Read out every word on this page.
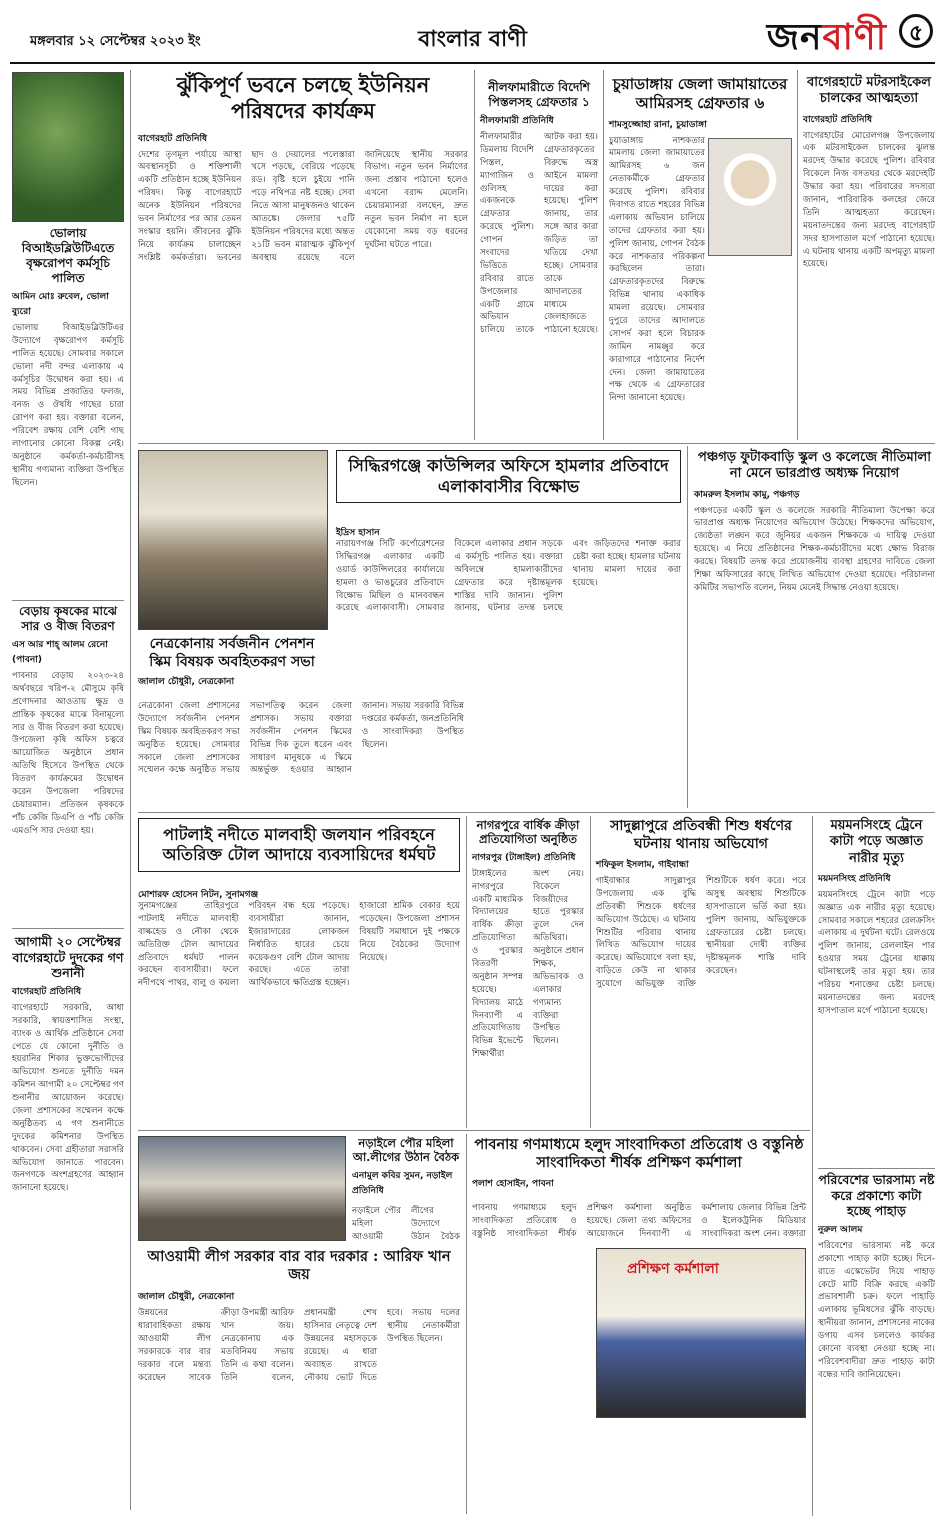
মঙ্গলবার ১২ সেপ্টেম্বর ২০২৩ ইং	বাংলার বাণী	জনবাণী ৫
ভোলায় বিআইডব্লিউটিএতে বৃক্ষরোপণ কর্মসূচি পালিত
আমিন মোঃ রুবেল, ভোলা ব্যুরো
ভোলায় বিআইডব্লিউটিএর উদ্যোগে বৃক্ষরোপণ কর্মসূচি পালিত হয়েছে। সোমবার সকালে ভোলা নদী বন্দর এলাকায় এ কর্মসূচির উদ্বোধন করা হয়। এ সময় বিভিন্ন প্রজাতির ফলজ, বনজ ও ঔষধি গাছের চারা রোপণ করা হয়। বক্তারা বলেন, পরিবেশ রক্ষায় বেশি বেশি গাছ লাগানোর কোনো বিকল্প নেই। অনুষ্ঠানে কর্মকর্তা-কর্মচারীসহ স্থানীয় গণ্যমান্য ব্যক্তিরা উপস্থিত ছিলেন।
বেড়ায় কৃষকের মাঝে সার ও বীজ বিতরণ
এস আর শাহ্ আলম রেনো (পাবনা)
পাবনার বেড়ায় ২০২৩-২৪ অর্থবছরে খরিপ-২ মৌসুমে কৃষি প্রণোদনার আওতায় ক্ষুদ্র ও প্রান্তিক কৃষকের মাঝে বিনামূল্যে সার ও বীজ বিতরণ করা হয়েছে। উপজেলা কৃষি অফিস চত্বরে আয়োজিত অনুষ্ঠানে প্রধান অতিথি হিসেবে উপস্থিত থেকে বিতরণ কার্যক্রমের উদ্বোধন করেন উপজেলা পরিষদের চেয়ারম্যান। প্রতিজন কৃষককে পাঁচ কেজি ডিএপি ও পাঁচ কেজি এমওপি সার দেওয়া হয়।
আগামী ২০ সেপ্টেম্বর বাগেরহাটে দুদকের গণ শুনানী
বাগেরহাট প্রতিনিধি
বাগেরহাটে সরকারি, আধা সরকারি, স্বায়ত্তশাসিত সংস্থা, ব্যাংক ও আর্থিক প্রতিষ্ঠানে সেবা পেতে যে কোনো দুর্নীতি ও হয়রানির শিকার ভুক্তভোগীদের অভিযোগ শুনতে দুর্নীতি দমন কমিশন আগামী ২০ সেপ্টেম্বর গণ শুনানীর আয়োজন করেছে। জেলা প্রশাসকের সম্মেলন কক্ষে অনুষ্ঠিতব্য এ গণ শুনানীতে দুদকের কমিশনার উপস্থিত থাকবেন। সেবা গ্রহীতারা সরাসরি অভিযোগ জানাতে পারবেন। জনগণকে অংশগ্রহণের আহ্বান জানানো হয়েছে।
ঝুঁকিপূর্ণ ভবনে চলছে ইউনিয়ন পরিষদের কার্যক্রম
বাগেরহাট প্রতিনিধি
দেশের তৃণমূল পর্যায়ে আস্থা অবস্থানসূচী ও শক্তিশালী একটি প্রতিষ্ঠান হচ্ছে ইউনিয়ন পরিষদ। কিন্তু বাগেরহাটে অনেক ইউনিয়ন পরিষদের ভবন নির্মাণের পর আর তেমন সংস্কার হয়নি। জীবনের ঝুঁকি নিয়ে কার্যক্রম চালাচ্ছেন সংশ্লিষ্ট কর্মকর্তারা। ভবনের ছাদ ও দেয়ালের পলেস্তারা খসে পড়ছে, বেরিয়ে পড়েছে রড। বৃষ্টি হলে চুইয়ে পানি পড়ে নথিপত্র নষ্ট হচ্ছে। সেবা নিতে আসা মানুষজনও থাকেন আতঙ্কে। জেলার ৭৫টি ইউনিয়ন পরিষদের মধ্যে অন্তত ২১টি ভবন মারাত্মক ঝুঁকিপূর্ণ অবস্থায় রয়েছে বলে জানিয়েছে স্থানীয় সরকার বিভাগ। নতুন ভবন নির্মাণের জন্য প্রস্তাব পাঠানো হলেও এখনো বরাদ্দ মেলেনি। চেয়ারম্যানরা বলছেন, দ্রুত নতুন ভবন নির্মাণ না হলে যেকোনো সময় বড় ধরনের দুর্ঘটনা ঘটতে পারে।
নীলফামারীতে বিদেশি পিস্তলসহ গ্রেফতার ১
নীলফামারী প্রতিনিধি
নীলফামারীর ডিমলায় বিদেশি পিস্তল, ম্যাগাজিন ও গুলিসহ একজনকে গ্রেফতার করেছে পুলিশ। গোপন সংবাদের ভিত্তিতে রবিবার রাতে উপজেলার একটি গ্রামে অভিযান চালিয়ে তাকে আটক করা হয়। গ্রেফতারকৃতের বিরুদ্ধে অস্ত্র আইনে মামলা দায়ের করা হয়েছে। পুলিশ জানায়, তার সঙ্গে আর কারা জড়িত তা খতিয়ে দেখা হচ্ছে। সোমবার তাকে আদালতের মাধ্যমে জেলহাজতে পাঠানো হয়েছে।
চুয়াডাঙ্গায় জেলা জামায়াতের আমিরসহ গ্রেফতার ৬
শামসুজ্জোহা রানা, চুয়াডাঙ্গা
চুয়াডাঙ্গায় নাশকতার মামলায় জেলা জামায়াতের আমিরসহ ৬ জন নেতাকর্মীকে গ্রেফতার করেছে পুলিশ। রবিবার দিবাগত রাতে শহরের বিভিন্ন এলাকায় অভিযান চালিয়ে তাদের গ্রেফতার করা হয়। পুলিশ জানায়, গোপন বৈঠক করে নাশকতার পরিকল্পনা করছিলেন তারা। গ্রেফতারকৃতদের বিরুদ্ধে বিভিন্ন থানায় একাধিক মামলা রয়েছে। সোমবার দুপুরে তাদের আদালতে সোপর্দ করা হলে বিচারক জামিন নামঞ্জুর করে কারাগারে পাঠানোর নির্দেশ দেন। জেলা জামায়াতের পক্ষ থেকে এ গ্রেফতারের নিন্দা জানানো হয়েছে।
বাগেরহাটে মটরসাইকেল চালকের আত্মহত্যা
বাগেরহাট প্রতিনিধি
বাগেরহাটের মোরেলগঞ্জ উপজেলায় এক মটরসাইকেল চালকের ঝুলন্ত মরদেহ উদ্ধার করেছে পুলিশ। রবিবার বিকেলে নিজ বসতঘর থেকে মরদেহটি উদ্ধার করা হয়। পরিবারের সদস্যরা জানান, পারিবারিক কলহের জেরে তিনি আত্মহত্যা করেছেন। ময়নাতদন্তের জন্য মরদেহ বাগেরহাট সদর হাসপাতাল মর্গে পাঠানো হয়েছে। এ ঘটনায় থানায় একটি অপমৃত্যু মামলা হয়েছে।
নেত্রকোনায় সর্বজনীন পেনশন স্কিম বিষয়ক অবহিতকরণ সভা
জালাল চৌধুরী, নেত্রকোনা
নেত্রকোনা জেলা প্রশাসনের উদ্যোগে সর্বজনীন পেনশন স্কিম বিষয়ক অবহিতকরণ সভা অনুষ্ঠিত হয়েছে। সোমবার সকালে জেলা প্রশাসকের সম্মেলন কক্ষে অনুষ্ঠিত সভায় সভাপতিত্ব করেন জেলা প্রশাসক। সভায় বক্তারা সর্বজনীন পেনশন স্কিমের বিভিন্ন দিক তুলে ধরেন এবং সাধারণ মানুষকে এ স্কিমে অন্তর্ভুক্ত হওয়ার আহ্বান জানান। সভায় সরকারি বিভিন্ন দপ্তরের কর্মকর্তা, জনপ্রতিনিধি ও সাংবাদিকরা উপস্থিত ছিলেন।
সিদ্ধিরগঞ্জে কাউন্সিলর অফিসে হামলার প্রতিবাদে এলাকাবাসীর বিক্ষোভ
ইদ্রিস হাসান
নারায়ণগঞ্জ সিটি কর্পোরেশনের সিদ্ধিরগঞ্জ এলাকার একটি ওয়ার্ড কাউন্সিলরের কার্যালয়ে হামলা ও ভাঙচুরের প্রতিবাদে বিক্ষোভ মিছিল ও মানববন্ধন করেছে এলাকাবাসী। সোমবার বিকেলে এলাকার প্রধান সড়কে এ কর্মসূচি পালিত হয়। বক্তারা অবিলম্বে হামলাকারীদের গ্রেফতার করে দৃষ্টান্তমূলক শাস্তির দাবি জানান। পুলিশ জানায়, ঘটনার তদন্ত চলছে এবং জড়িতদের শনাক্ত করার চেষ্টা করা হচ্ছে। হামলার ঘটনায় থানায় মামলা দায়ের করা হয়েছে।
পঞ্চগড় ফুটাকবাড়ি স্কুল ও কলেজে নীতিমালা না মেনে ভারপ্রাপ্ত অধ্যক্ষ নিয়োগ
কামরুল ইসলাম কামু, পঞ্চগড়
পঞ্চগড়ের একটি স্কুল ও কলেজে সরকারি নীতিমালা উপেক্ষা করে ভারপ্রাপ্ত অধ্যক্ষ নিয়োগের অভিযোগ উঠেছে। শিক্ষকদের অভিযোগ, জ্যেষ্ঠতা লঙ্ঘন করে জুনিয়র একজন শিক্ষককে এ দায়িত্ব দেওয়া হয়েছে। এ নিয়ে প্রতিষ্ঠানের শিক্ষক-কর্মচারীদের মধ্যে ক্ষোভ বিরাজ করছে। বিষয়টি তদন্ত করে প্রয়োজনীয় ব্যবস্থা গ্রহণের দাবিতে জেলা শিক্ষা অফিসারের কাছে লিখিত অভিযোগ দেওয়া হয়েছে। পরিচালনা কমিটির সভাপতি বলেন, নিয়ম মেনেই সিদ্ধান্ত নেওয়া হয়েছে।
পাটলাই নদীতে মালবাহী জলযান পরিবহনে অতিরিক্ত টোল আদায়ে ব্যবসায়িদের ধর্মঘট
মোশারফ হোসেন নিটন, সুনামগঞ্জ
সুনামগঞ্জের তাহিরপুরে পাটলাই নদীতে মালবাহী বাল্কহেড ও নৌকা থেকে অতিরিক্ত টোল আদায়ের প্রতিবাদে ধর্মঘট পালন করছেন ব্যবসায়ীরা। ফলে নদীপথে পাথর, বালু ও কয়লা পরিবহন বন্ধ হয়ে পড়েছে। ব্যবসায়ীরা জানান, ইজারাদারের লোকজন নির্ধারিত হারের চেয়ে কয়েকগুণ বেশি টোল আদায় করছে। এতে তারা আর্থিকভাবে ক্ষতিগ্রস্ত হচ্ছেন। হাজারো শ্রমিক বেকার হয়ে পড়েছেন। উপজেলা প্রশাসন বিষয়টি সমাধানে দুই পক্ষকে নিয়ে বৈঠকের উদ্যোগ নিয়েছে।
নাগরপুরে বার্ষিক ক্রীড়া প্রতিযোগিতা অনুষ্ঠিত
নাগরপুর (টাঙ্গাইল) প্রতিনিধি
টাঙ্গাইলের নাগরপুরে একটি মাধ্যমিক বিদ্যালয়ের বার্ষিক ক্রীড়া প্রতিযোগিতা ও পুরস্কার বিতরণী অনুষ্ঠান সম্পন্ন হয়েছে। বিদ্যালয় মাঠে দিনব্যাপী এ প্রতিযোগিতায় বিভিন্ন ইভেন্টে শিক্ষার্থীরা অংশ নেয়। বিকেলে বিজয়ীদের হাতে পুরস্কার তুলে দেন অতিথিরা। অনুষ্ঠানে প্রধান শিক্ষক, অভিভাবক ও এলাকার গণ্যমান্য ব্যক্তিরা উপস্থিত ছিলেন।
সাদুল্লাপুরে প্রতিবন্ধী শিশু ধর্ষণের ঘটনায় থানায় অভিযোগ
শফিকুল ইসলাম, গাইবান্ধা
গাইবান্ধার সাদুল্লাপুর উপজেলায় এক বুদ্ধি প্রতিবন্ধী শিশুকে ধর্ষণের অভিযোগ উঠেছে। এ ঘটনায় শিশুটির পরিবার থানায় লিখিত অভিযোগ দায়ের করেছে। অভিযোগে বলা হয়, বাড়িতে কেউ না থাকার সুযোগে অভিযুক্ত ব্যক্তি শিশুটিকে ধর্ষণ করে। পরে অসুস্থ অবস্থায় শিশুটিকে হাসপাতালে ভর্তি করা হয়। পুলিশ জানায়, অভিযুক্তকে গ্রেফতারের চেষ্টা চলছে। স্থানীয়রা দোষী ব্যক্তির দৃষ্টান্তমূলক শাস্তি দাবি করেছেন।
ময়মনসিংহে ট্রেনে কাটা পড়ে অজ্ঞাত নারীর মৃত্যু
ময়মনসিংহ প্রতিনিধি
ময়মনসিংহে ট্রেনে কাটা পড়ে অজ্ঞাত এক নারীর মৃত্যু হয়েছে। সোমবার সকালে শহরের রেলক্রসিং এলাকায় এ দুর্ঘটনা ঘটে। রেলওয়ে পুলিশ জানায়, রেললাইন পার হওয়ার সময় ট্রেনের ধাক্কায় ঘটনাস্থলেই তার মৃত্যু হয়। তার পরিচয় শনাক্তের চেষ্টা চলছে। ময়নাতদন্তের জন্য মরদেহ হাসপাতাল মর্গে পাঠানো হয়েছে।
পরিবেশের ভারসাম্য নষ্ট করে প্রকাশ্যে কাটা হচ্ছে পাহাড়
নুরুল আলম
পরিবেশের ভারসাম্য নষ্ট করে প্রকাশ্যে পাহাড় কাটা হচ্ছে। দিনে-রাতে এস্কেভেটর দিয়ে পাহাড় কেটে মাটি বিক্রি করছে একটি প্রভাবশালী চক্র। ফলে পাহাড়ি এলাকায় ভূমিধসের ঝুঁকি বাড়ছে। স্থানীয়রা জানান, প্রশাসনের নাকের ডগায় এসব চললেও কার্যকর কোনো ব্যবস্থা নেওয়া হচ্ছে না। পরিবেশবাদীরা দ্রুত পাহাড় কাটা বন্ধের দাবি জানিয়েছেন।
আওয়ামী লীগ সরকার বার বার দরকার : আরিফ খান জয়
জালাল চৌধুরী, নেত্রকোনা
উন্নয়নের ধারাবাহিকতা রক্ষায় আওয়ামী লীগ সরকারকে বার বার দরকার বলে মন্তব্য করেছেন সাবেক ক্রীড়া উপমন্ত্রী আরিফ খান জয়। নেত্রকোনায় এক মতবিনিময় সভায় তিনি এ কথা বলেন। তিনি বলেন, প্রধানমন্ত্রী শেখ হাসিনার নেতৃত্বে দেশ উন্নয়নের মহাসড়কে রয়েছে। এ ধারা অব্যাহত রাখতে নৌকায় ভোট দিতে হবে। সভায় দলের স্থানীয় নেতাকর্মীরা উপস্থিত ছিলেন।
নড়াইলে পৌর মহিলা আ.লীগের উঠান বৈঠক
এনামুল কবির সুমন, নড়াইল প্রতিনিধি
নড়াইলে পৌর মহিলা আওয়ামী লীগের উদ্যোগে উঠান বৈঠক
পাবনায় গণমাধ্যমে হলুদ সাংবাদিকতা প্রতিরোধ ও বস্তুনিষ্ঠ সাংবাদিকতা শীর্ষক প্রশিক্ষণ কর্মশালা
পলাশ হোসাইন, পাবনা
পাবনায় গণমাধ্যমে হলুদ সাংবাদিকতা প্রতিরোধ ও বস্তুনিষ্ঠ সাংবাদিকতা শীর্ষক প্রশিক্ষণ কর্মশালা অনুষ্ঠিত হয়েছে। জেলা তথ্য অফিসের আয়োজনে দিনব্যাপী এ কর্মশালায় জেলার বিভিন্ন প্রিন্ট ও ইলেকট্রনিক মিডিয়ার সাংবাদিকরা অংশ নেন। বক্তারা
প্রশিক্ষণ কর্মশালা
